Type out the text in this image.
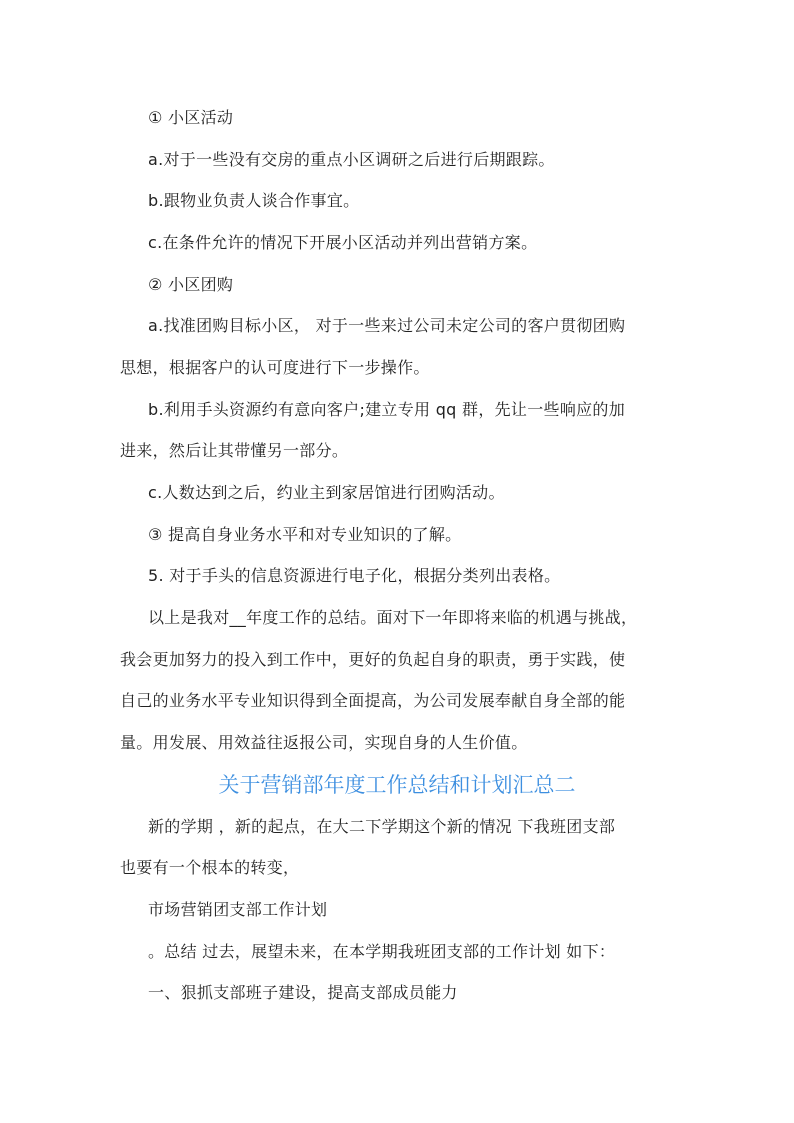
① 小区活动
a.对于一些没有交房的重点小区调研之后进行后期跟踪。
b.跟物业负责人谈合作事宜。
c.在条件允许的情况下开展小区活动并列出营销方案。
② 小区团购
a.找准团购目标小区， 对于一些来过公司未定公司的客户贯彻团购
思想，根据客户的认可度进行下一步操作。
b.利用手头资源约有意向客户;建立专用 qq 群，先让一些响应的加
进来，然后让其带懂另一部分。
c.人数达到之后，约业主到家居馆进行团购活动。
③ 提高自身业务水平和对专业知识的了解。
5. 对于手头的信息资源进行电子化，根据分类列出表格。
以上是我对__年度工作的总结。面对下一年即将来临的机遇与挑战，
我会更加努力的投入到工作中，更好的负起自身的职责，勇于实践，使
自己的业务水平专业知识得到全面提高，为公司发展奉献自身全部的能
量。用发展、用效益往返报公司，实现自身的人生价值。
关于营销部年度工作总结和计划汇总二
新的学期 ，新的起点，在大二下学期这个新的情况 下我班团支部
也要有一个根本的转变，
市场营销团支部工作计划
。总结 过去，展望未来，在本学期我班团支部的工作计划 如下：
一、狠抓支部班子建设，提高支部成员能力
